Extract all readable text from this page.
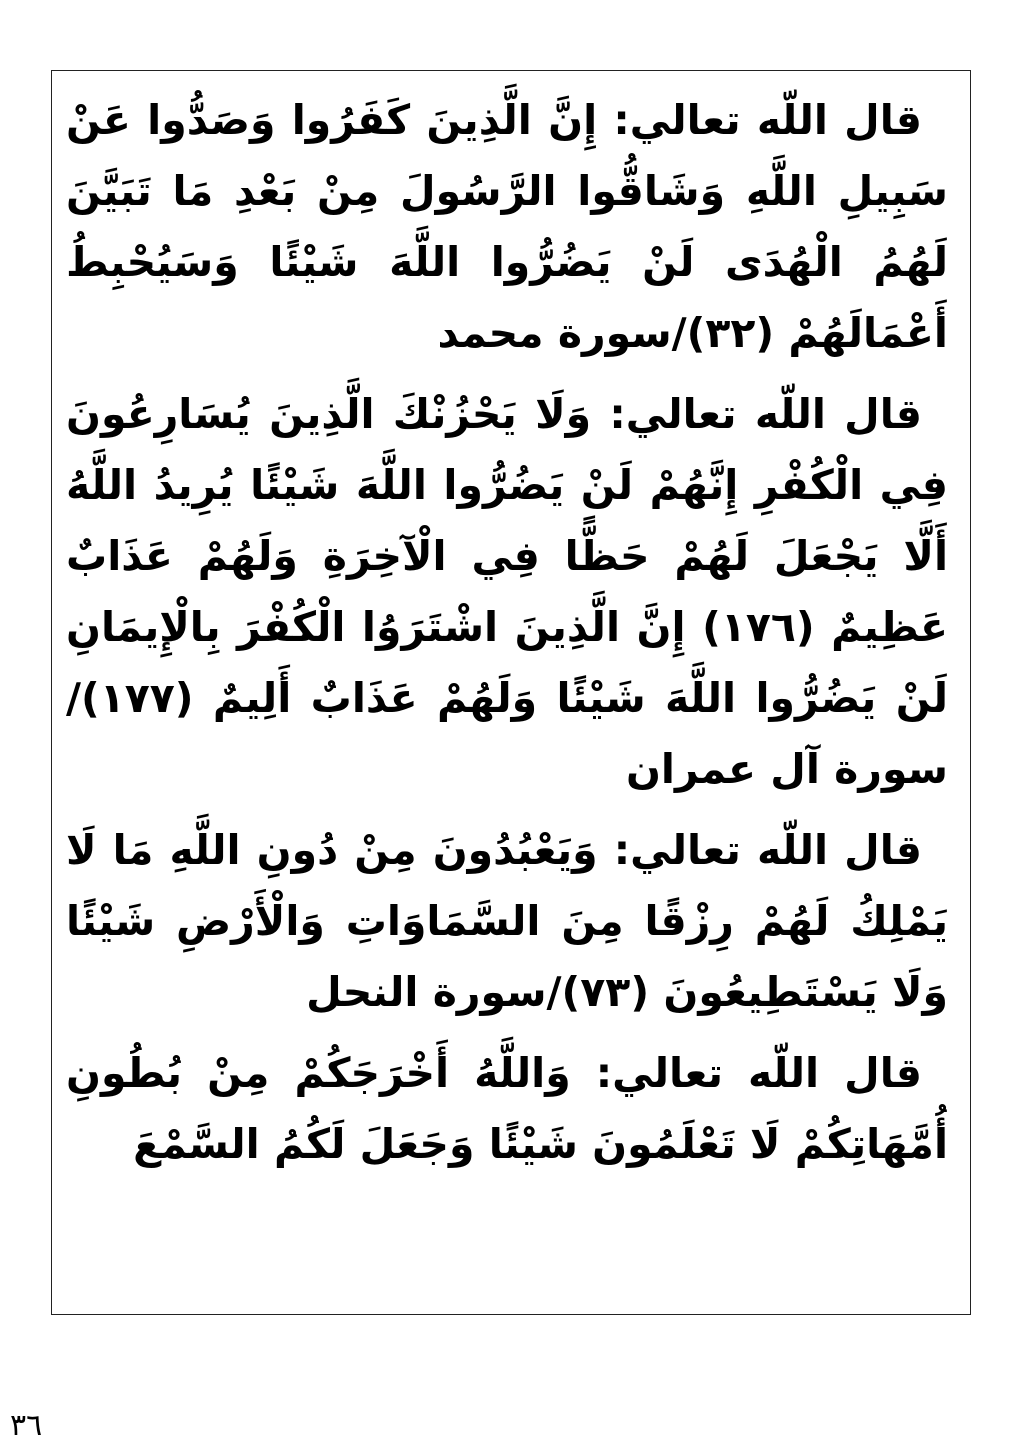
قال اللّه تعالي: إِنَّ الَّذِينَ كَفَرُوا وَصَدُّوا عَنْ سَبِيلِ اللَّهِ وَشَاقُّوا الرَّسُولَ مِنْ بَعْدِ مَا تَبَيَّنَ لَهُمُ الْهُدَى لَنْ يَضُرُّوا اللَّهَ شَيْئًا وَسَيُحْبِطُ أَعْمَالَهُمْ (٣٢)/سورة محمد

قال اللّه تعالي: وَلَا يَحْزُنْكَ الَّذِينَ يُسَارِعُونَ فِي الْكُفْرِ إِنَّهُمْ لَنْ يَضُرُّوا اللَّهَ شَيْئًا يُرِيدُ اللَّهُ أَلَّا يَجْعَلَ لَهُمْ حَظًّا فِي الْآخِرَةِ وَلَهُمْ عَذَابٌ عَظِيمٌ (١٧٦) إِنَّ الَّذِينَ اشْتَرَوُا الْكُفْرَ بِالْإِيمَانِ لَنْ يَضُرُّوا اللَّهَ شَيْئًا وَلَهُمْ عَذَابٌ أَلِيمٌ (١٧٧)/سورة آل عمران

قال اللّه تعالي: وَيَعْبُدُونَ مِنْ دُونِ اللَّهِ مَا لَا يَمْلِكُ لَهُمْ رِزْقًا مِنَ السَّمَاوَاتِ وَالْأَرْضِ شَيْئًا وَلَا يَسْتَطِيعُونَ (٧٣)/سورة النحل

قال اللّه تعالي: وَاللَّهُ أَخْرَجَكُمْ مِنْ بُطُونِ أُمَّهَاتِكُمْ لَا تَعْلَمُونَ شَيْئًا وَجَعَلَ لَكُمُ السَّمْعَ

٣٦
